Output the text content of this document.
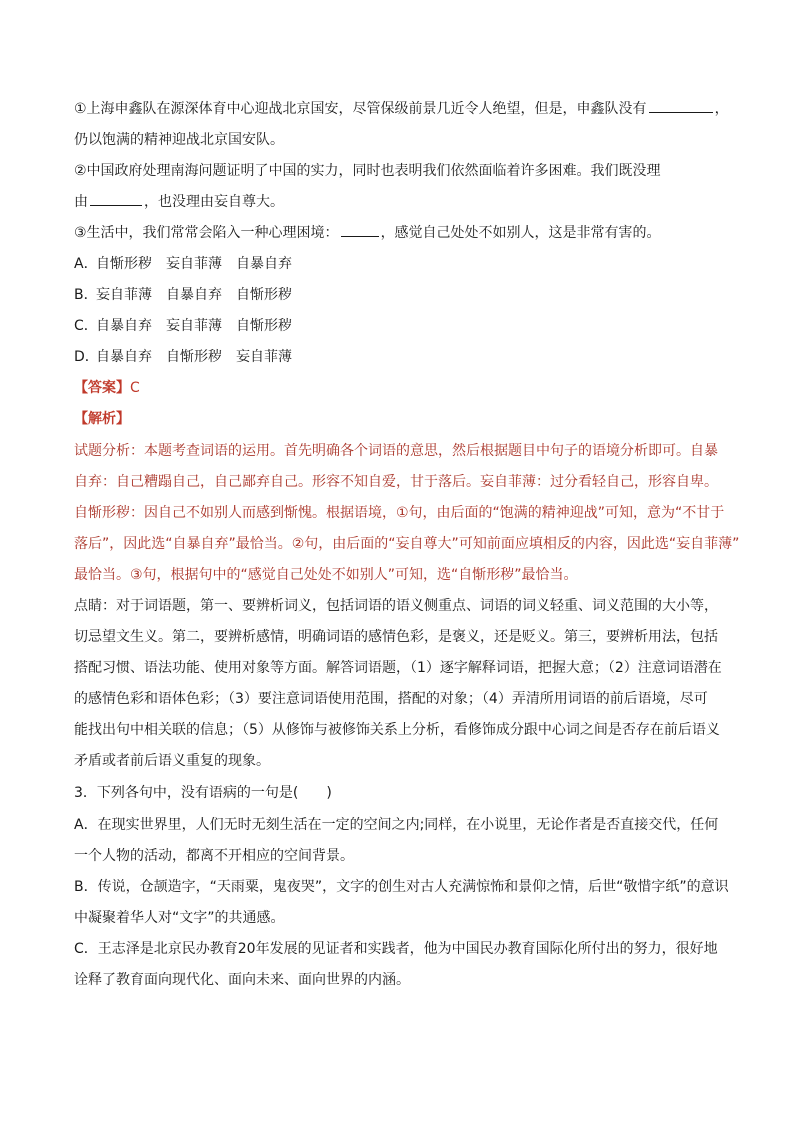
①上海申鑫队在源深体育中心迎战北京国安，尽管保级前景几近令人绝望，但是，申鑫队没有	，

仍以饱满的精神迎战北京国安队。

②中国政府处理南海问题证明了中国的实力，同时也表明我们依然面临着许多困难。我们既没理

由	，也没理由妄自尊大。

③生活中，我们常常会陷入一种心理困境：	，感觉自己处处不如别人，这是非常有害的。

A．自惭形秽 妄自菲薄 自暴自弃

B．妄自菲薄 自暴自弃 自惭形秽

C．自暴自弃 妄自菲薄 自惭形秽

D．自暴自弃 自惭形秽 妄自菲薄

【答案】C

【解析】

试题分析：本题考查词语的运用。首先明确各个词语的意思，然后根据题目中句子的语境分析即可。自暴

自弃：自己糟蹋自己，自己鄙弃自己。形容不知自爱，甘于落后。妄自菲薄：过分看轻自己，形容自卑。

自惭形秽：因自己不如别人而感到惭愧。根据语境，①句，由后面的“饱满的精神迎战”可知，意为“不甘于

落后”，因此选“自暴自弃”最恰当。②句，由后面的“妄自尊大”可知前面应填相反的内容，因此选“妄自菲薄”

最恰当。③句，根据句中的“感觉自己处处不如别人”可知，选“自惭形秽”最恰当。

点睛：对于词语题，第一、要辨析词义，包括词语的语义侧重点、词语的词义轻重、词义范围的大小等，

切忌望文生义。第二，要辨析感情，明确词语的感情色彩，是褒义，还是贬义。第三，要辨析用法，包括

搭配习惯、语法功能、使用对象等方面。解答词语题，（1）逐字解释词语，把握大意；（2）注意词语潜在

的感情色彩和语体色彩；（3）要注意词语使用范围，搭配的对象；（4）弄清所用词语的前后语境，尽可

能找出句中相关联的信息；（5）从修饰与被修饰关系上分析，看修饰成分跟中心词之间是否存在前后语义

矛盾或者前后语义重复的现象。

3．下列各句中，没有语病的一句是(　　)

A．在现实世界里，人们无时无刻生活在一定的空间之内;同样，在小说里，无论作者是否直接交代，任何

一个人物的活动，都离不开相应的空间背景。

B．传说，仓颉造字，“天雨粟，鬼夜哭”，文字的创生对古人充满惊怖和景仰之情，后世“敬惜字纸”的意识

中凝聚着华人对“文字”的共通感。

C．王志泽是北京民办教育20年发展的见证者和实践者，他为中国民办教育国际化所付出的努力，很好地

诠释了教育面向现代化、面向未来、面向世界的内涵。
